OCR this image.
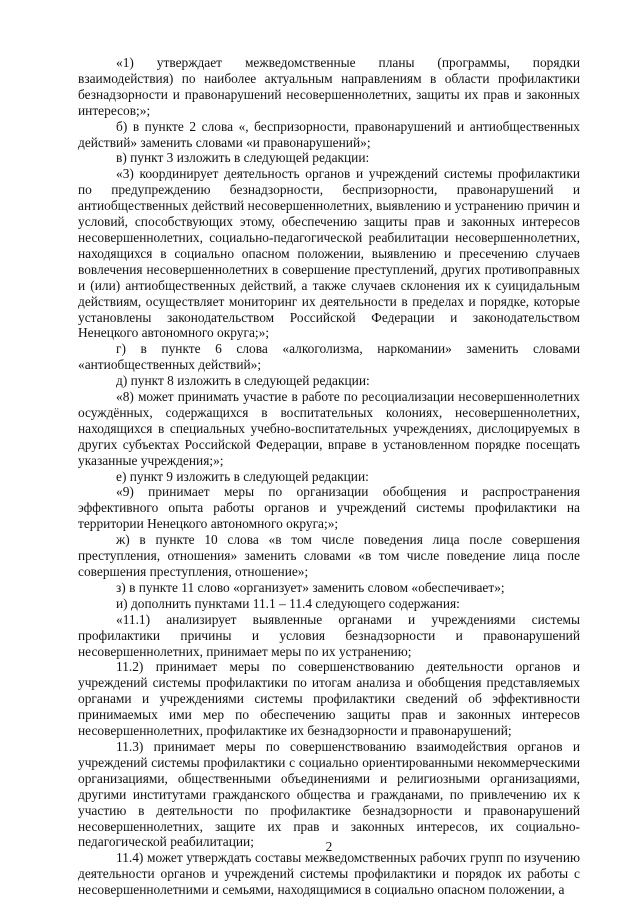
«1) утверждает межведомственные планы (программы, порядки взаимодействия) по наиболее актуальным направлениям в области профилактики безнадзорности и правонарушений несовершеннолетних, защиты их прав и законных интересов;»;

б) в пункте 2 слова «, беспризорности, правонарушений и антиобщественных действий» заменить словами «и правонарушений»;

в) пункт 3 изложить в следующей редакции:

«3) координирует деятельность органов и учреждений системы профилактики по предупреждению безнадзорности, беспризорности, правонарушений и антиобщественных действий несовершеннолетних, выявлению и устранению причин и условий, способствующих этому, обеспечению защиты прав и законных интересов несовершеннолетних, социально-педагогической реабилитации несовершеннолетних, находящихся в социально опасном положении, выявлению и пресечению случаев вовлечения несовершеннолетних в совершение преступлений, других противоправных и (или) антиобщественных действий, а также случаев склонения их к суицидальным действиям, осуществляет мониторинг их деятельности в пределах и порядке, которые установлены законодательством Российской Федерации и законодательством Ненецкого автономного округа;»;

г) в пункте 6 слова «алкоголизма, наркомании» заменить словами «антиобщественных действий»;

д) пункт 8 изложить в следующей редакции:

«8) может принимать участие в работе по ресоциализации несовершеннолетних осуждённых, содержащихся в воспитательных колониях, несовершеннолетних, находящихся в специальных учебно-воспитательных учреждениях, дислоцируемых в других субъектах Российской Федерации, вправе в установленном порядке посещать указанные учреждения;»;

е) пункт 9 изложить в следующей редакции:

«9) принимает меры по организации обобщения и распространения эффективного опыта работы органов и учреждений системы профилактики на территории Ненецкого автономного округа;»;

ж) в пункте 10 слова «в том числе поведения лица после совершения преступления, отношения» заменить словами «в том числе поведение лица после совершения преступления, отношение»;

з) в пункте 11 слово «организует» заменить словом «обеспечивает»;

и) дополнить пунктами 11.1 – 11.4 следующего содержания:

«11.1) анализирует выявленные органами и учреждениями системы профилактики причины и условия безнадзорности и правонарушений несовершеннолетних, принимает меры по их устранению;

11.2) принимает меры по совершенствованию деятельности органов и учреждений системы профилактики по итогам анализа и обобщения представляемых органами и учреждениями системы профилактики сведений об эффективности принимаемых ими мер по обеспечению защиты прав и законных интересов несовершеннолетних, профилактике их безнадзорности и правонарушений;

11.3) принимает меры по совершенствованию взаимодействия органов и учреждений системы профилактики с социально ориентированными некоммерческими организациями, общественными объединениями и религиозными организациями, другими институтами гражданского общества и гражданами, по привлечению их к участию в деятельности по профилактике безнадзорности и правонарушений несовершеннолетних, защите их прав и законных интересов, их социально-педагогической реабилитации;

11.4) может утверждать составы межведомственных рабочих групп по изучению деятельности органов и учреждений системы профилактики и порядок их работы с несовершеннолетними и семьями, находящимися в социально опасном положении, а

2
